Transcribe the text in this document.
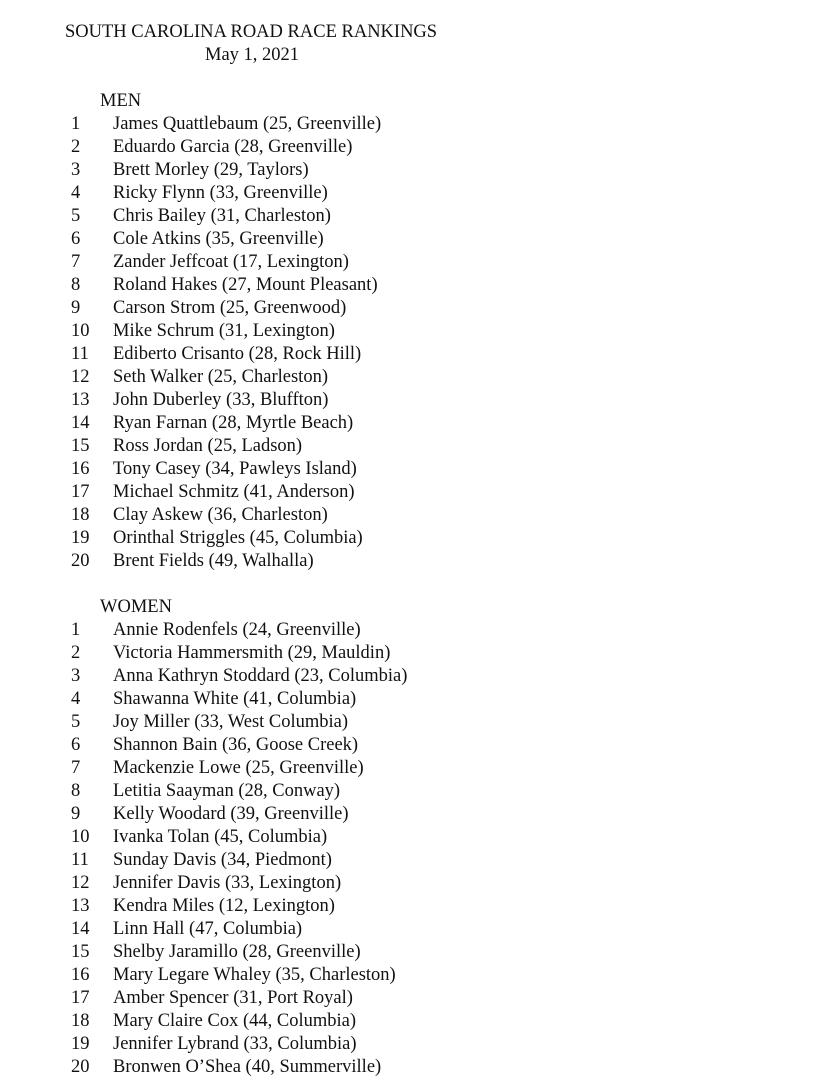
SOUTH CAROLINA ROAD RACE RANKINGS
May 1, 2021
MEN
1 James Quattlebaum (25, Greenville)
2 Eduardo Garcia (28, Greenville)
3 Brett Morley (29, Taylors)
4 Ricky Flynn (33, Greenville)
5 Chris Bailey (31, Charleston)
6 Cole Atkins (35, Greenville)
7 Zander Jeffcoat (17, Lexington)
8 Roland Hakes (27, Mount Pleasant)
9 Carson Strom (25, Greenwood)
10 Mike Schrum (31, Lexington)
11 Ediberto Crisanto (28, Rock Hill)
12 Seth Walker (25, Charleston)
13 John Duberley (33, Bluffton)
14 Ryan Farnan (28, Myrtle Beach)
15 Ross Jordan (25, Ladson)
16 Tony Casey (34, Pawleys Island)
17 Michael Schmitz (41, Anderson)
18 Clay Askew (36, Charleston)
19 Orinthal Striggles (45, Columbia)
20 Brent Fields (49, Walhalla)
WOMEN
1 Annie Rodenfels (24, Greenville)
2 Victoria Hammersmith (29, Mauldin)
3 Anna Kathryn Stoddard (23, Columbia)
4 Shawanna White (41, Columbia)
5 Joy Miller (33, West Columbia)
6 Shannon Bain (36, Goose Creek)
7 Mackenzie Lowe (25, Greenville)
8 Letitia Saayman (28, Conway)
9 Kelly Woodard (39, Greenville)
10 Ivanka Tolan (45, Columbia)
11 Sunday Davis (34, Piedmont)
12 Jennifer Davis (33, Lexington)
13 Kendra Miles (12, Lexington)
14 Linn Hall (47, Columbia)
15 Shelby Jaramillo (28, Greenville)
16 Mary Legare Whaley (35, Charleston)
17 Amber Spencer (31, Port Royal)
18 Mary Claire Cox (44, Columbia)
19 Jennifer Lybrand (33, Columbia)
20 Bronwen O’Shea (40, Summerville)
